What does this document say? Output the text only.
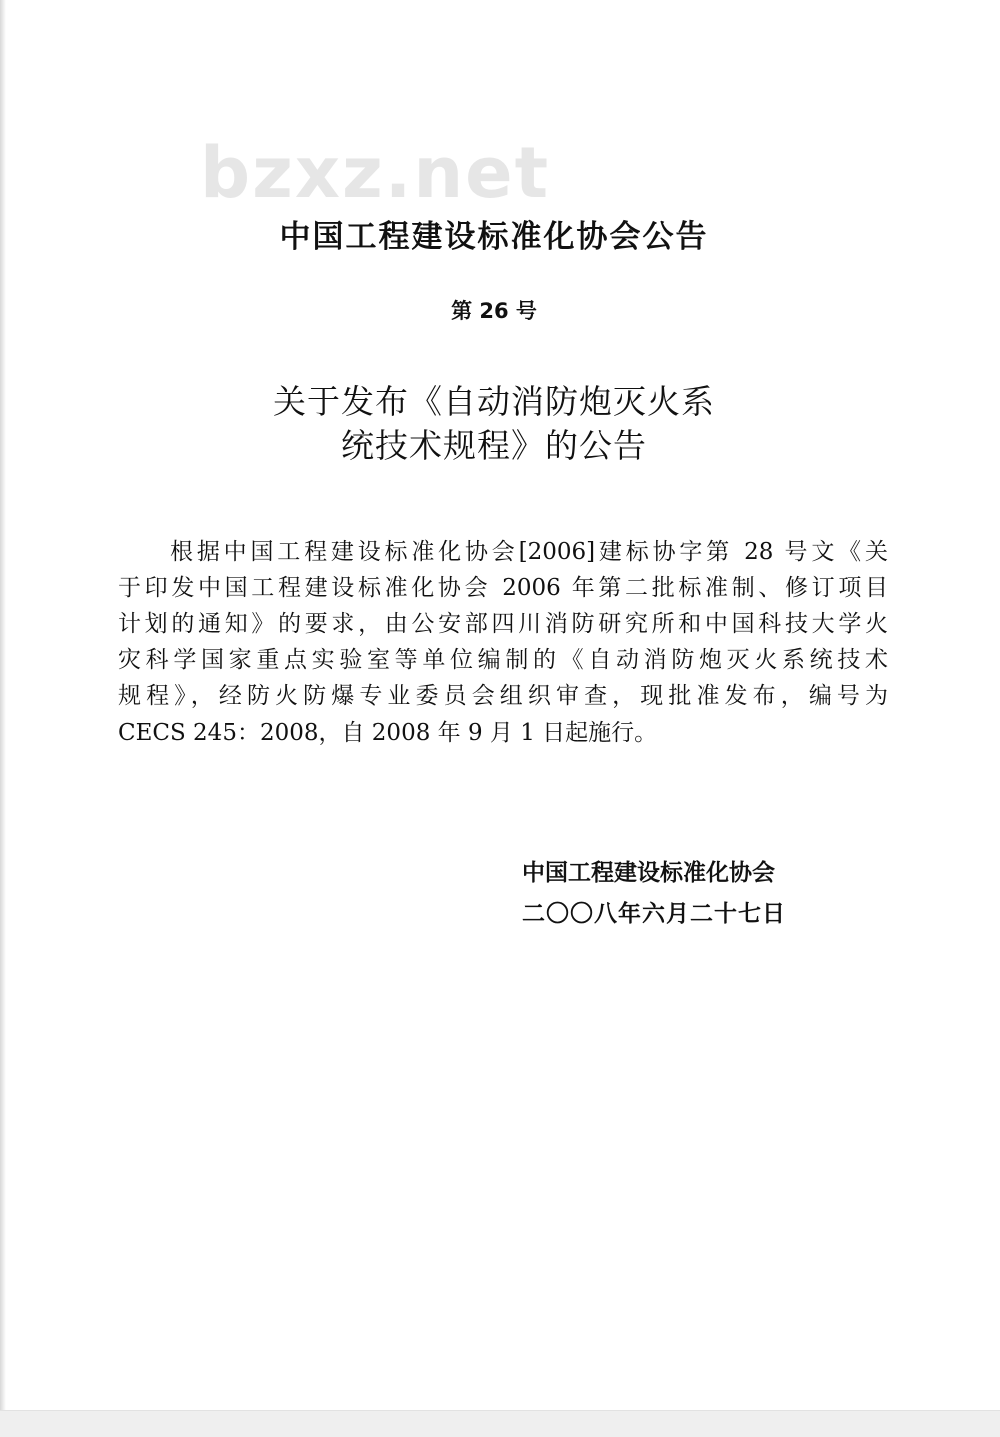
bzxz.net
中国工程建设标准化协会公告
第 26 号
关于发布《自动消防炮灭火系
统技术规程》的公告
根据中国工程建设标准化协会[2006]建标协字第 28 号文《关
于印发中国工程建设标准化协会 2006 年第二批标准制、修订项目
计划的通知》的要求，由公安部四川消防研究所和中国科技大学火
灾科学国家重点实验室等单位编制的《自动消防炮灭火系统技术
规程》，经防火防爆专业委员会组织审查，现批准发布，编号为
CECS 245：2008，自 2008 年 9 月 1 日起施行。
中国工程建设标准化协会
二〇〇八年六月二十七日
